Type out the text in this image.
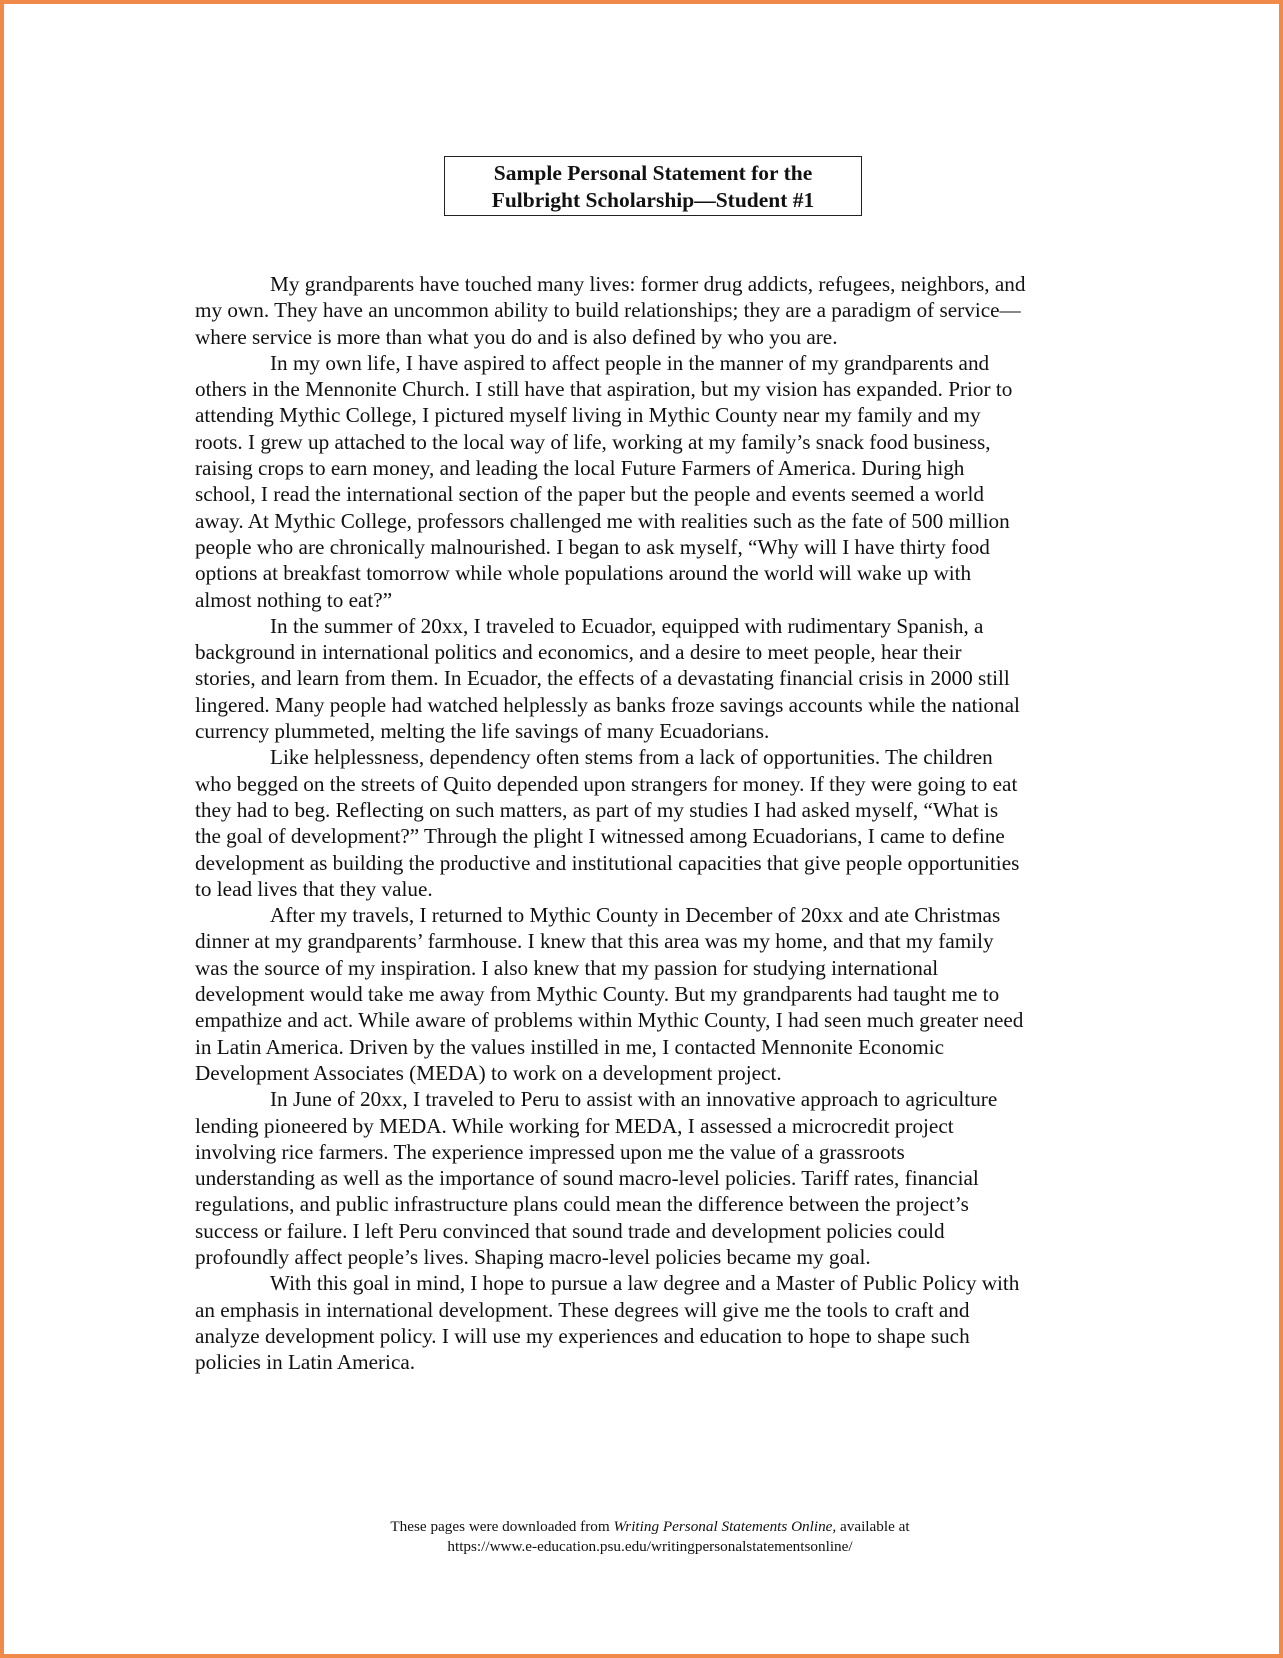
Sample Personal Statement for the
Fulbright Scholarship—Student #1
My grandparents have touched many lives: former drug addicts, refugees, neighbors, and
my own. They have an uncommon ability to build relationships; they are a paradigm of service—
where service is more than what you do and is also defined by who you are.
In my own life, I have aspired to affect people in the manner of my grandparents and
others in the Mennonite Church. I still have that aspiration, but my vision has expanded. Prior to
attending Mythic College, I pictured myself living in Mythic County near my family and my
roots. I grew up attached to the local way of life, working at my family’s snack food business,
raising crops to earn money, and leading the local Future Farmers of America. During high
school, I read the international section of the paper but the people and events seemed a world
away. At Mythic College, professors challenged me with realities such as the fate of 500 million
people who are chronically malnourished. I began to ask myself, “Why will I have thirty food
options at breakfast tomorrow while whole populations around the world will wake up with
almost nothing to eat?”
In the summer of 20xx, I traveled to Ecuador, equipped with rudimentary Spanish, a
background in international politics and economics, and a desire to meet people, hear their
stories, and learn from them. In Ecuador, the effects of a devastating financial crisis in 2000 still
lingered. Many people had watched helplessly as banks froze savings accounts while the national
currency plummeted, melting the life savings of many Ecuadorians.
Like helplessness, dependency often stems from a lack of opportunities. The children
who begged on the streets of Quito depended upon strangers for money. If they were going to eat
they had to beg. Reflecting on such matters, as part of my studies I had asked myself, “What is
the goal of development?” Through the plight I witnessed among Ecuadorians, I came to define
development as building the productive and institutional capacities that give people opportunities
to lead lives that they value.
After my travels, I returned to Mythic County in December of 20xx and ate Christmas
dinner at my grandparents’ farmhouse. I knew that this area was my home, and that my family
was the source of my inspiration. I also knew that my passion for studying international
development would take me away from Mythic County. But my grandparents had taught me to
empathize and act. While aware of problems within Mythic County, I had seen much greater need
in Latin America. Driven by the values instilled in me, I contacted Mennonite Economic
Development Associates (MEDA) to work on a development project.
In June of 20xx, I traveled to Peru to assist with an innovative approach to agriculture
lending pioneered by MEDA. While working for MEDA, I assessed a microcredit project
involving rice farmers. The experience impressed upon me the value of a grassroots
understanding as well as the importance of sound macro-level policies. Tariff rates, financial
regulations, and public infrastructure plans could mean the difference between the project’s
success or failure. I left Peru convinced that sound trade and development policies could
profoundly affect people’s lives. Shaping macro-level policies became my goal.
With this goal in mind, I hope to pursue a law degree and a Master of Public Policy with
an emphasis in international development. These degrees will give me the tools to craft and
analyze development policy. I will use my experiences and education to hope to shape such
policies in Latin America.
These pages were downloaded from Writing Personal Statements Online, available at
https://www.e-education.psu.edu/writingpersonalstatementsonline/
